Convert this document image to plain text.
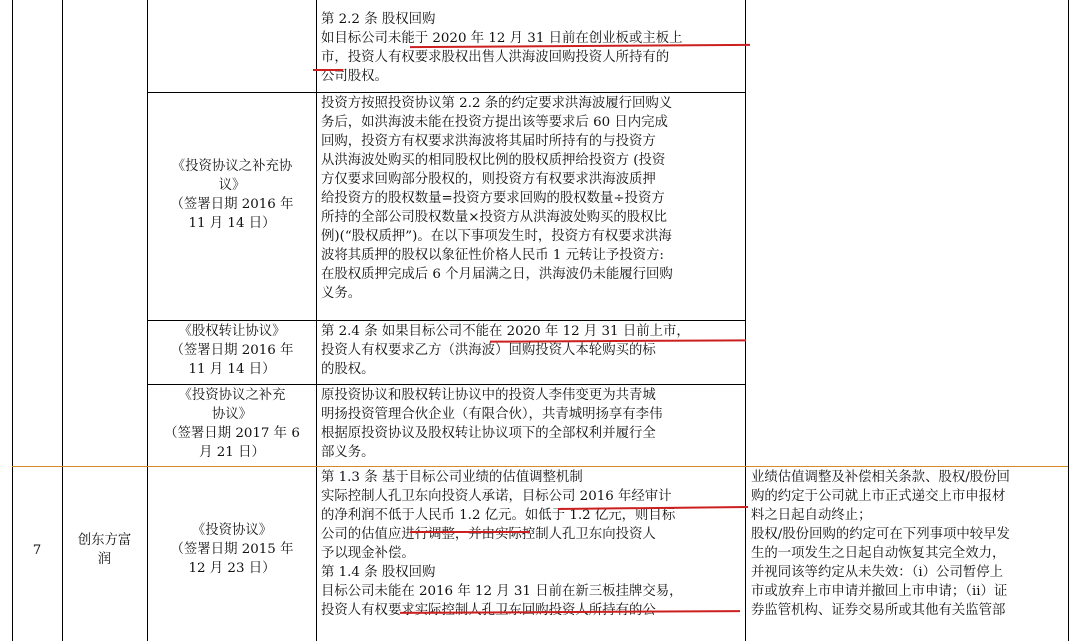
第 2.2 条 股权回购
如目标公司未能于 2020 年 12 月 31 日前在创业板或主板上
市，投资人有权要求股权出售人洪海波回购投资人所持有的
公司股权。
《投资协议之补充协
议》
（签署日期 2016 年
11 月 14 日）
投资方按照投资协议第 2.2 条的约定要求洪海波履行回购义
务后，如洪海波未能在投资方提出该等要求后 60 日内完成
回购，投资方有权要求洪海波将其届时所持有的与投资方
从洪海波处购买的相同股权比例的股权质押给投资方 (投资
方仅要求回购部分股权的，则投资方有权要求洪海波质押
给投资方的股权数量=投资方要求回购的股权数量÷投资方
所持的全部公司股权数量×投资方从洪海波处购买的股权比
例)(“股权质押”)。在以下事项发生时，投资方有权要求洪海
波将其质押的股权以象征性价格人民币 1 元转让予投资方:
在股权质押完成后 6 个月届满之日，洪海波仍未能履行回购
义务。
《股权转让协议》
（签署日期 2016 年
11 月 14 日）
第 2.4 条 如果目标公司不能在 2020 年 12 月 31 日前上市，
投资人有权要求乙方（洪海波）回购投资人本轮购买的标
的股权。
《投资协议之补充
协议》
（签署日期 2017 年 6
月 21 日）
原投资协议和股权转让协议中的投资人李伟变更为共青城
明扬投资管理合伙企业（有限合伙），共青城明扬享有李伟
根据原投资协议及股权转让协议项下的全部权利并履行全
部义务。
7
创东方富
润
《投资协议》
（签署日期 2015 年
12 月 23 日）
第 1.3 条 基于目标公司业绩的估值调整机制
实际控制人孔卫东向投资人承诺，目标公司 2016 年经审计
的净利润不低于人民币 1.2 亿元。如低于 1.2 亿元，则目标
公司的估值应进行调整，并由实际控制人孔卫东向投资人
予以现金补偿。
第 1.4 条 股权回购
目标公司未能在 2016 年 12 月 31 日前在新三板挂牌交易，
投资人有权要求实际控制人孔卫东回购投资人所持有的公
业绩估值调整及补偿相关条款、股权/股份回
购的约定于公司就上市正式递交上市申报材
料之日起自动终止；
股权/股份回购的约定可在下列事项中较早发
生的一项发生之日起自动恢复其完全效力，
并视同该等约定从未失效：（i）公司暂停上
市或放弃上市申请并撤回上市申请；（ii）证
券监管机构、证券交易所或其他有关监管部
